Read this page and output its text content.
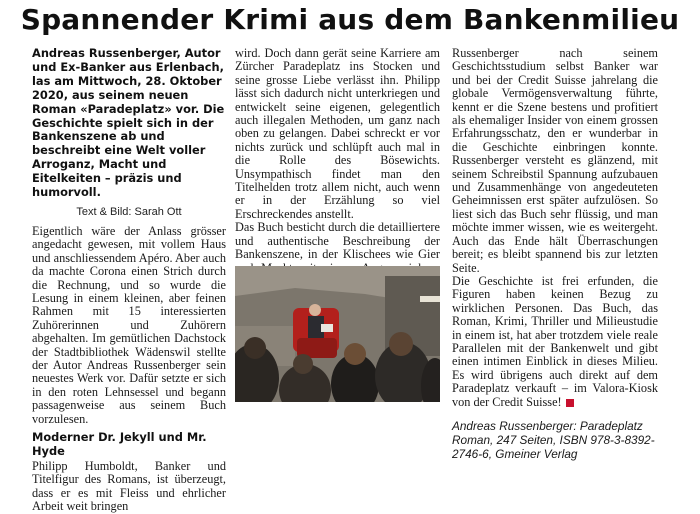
Spannender Krimi aus dem Bankenmilieu

Andreas Russenberger, Autor und Ex-Banker aus Erlenbach, las am Mittwoch, 28. Oktober 2020, aus seinem neuen Roman «Paradeplatz» vor. Die Geschichte spielt sich in der Bankenszene ab und beschreibt eine Welt voller Arroganz, Macht und Eitelkeiten – präzis und humorvoll.

Text & Bild: Sarah Ott

Eigentlich wäre der Anlass grösser angedacht gewesen, mit vollem Haus und anschliessendem Apéro. Aber auch da machte Corona einen Strich durch die Rechnung, und so wurde die Lesung in einem kleinen, aber feinen Rahmen mit 15 interessierten Zuhörerinnen und Zuhörern abgehalten. Im gemütlichen Dachstock der Stadtbibliothek Wädenswil stellte der Autor Andreas Russenberger sein neuestes Werk vor. Dafür setzte er sich in den roten Lehnsessel und begann passagenweise aus seinem Buch vorzulesen.

Moderner Dr. Jekyll und Mr. Hyde

Philipp Humboldt, Banker und Titelfigur des Romans, ist überzeugt, dass er es mit Fleiss und ehrlicher Arbeit weit bringen

wird. Doch dann gerät seine Karriere am Zürcher Paradeplatz ins Stocken und seine grosse Liebe verlässt ihn. Philipp lässt sich dadurch nicht unterkriegen und entwickelt seine eigenen, gelegentlich auch illegalen Methoden, um ganz nach oben zu gelangen. Dabei schreckt er vor nichts zurück und schlüpft auch mal in die Rolle des Bösewichts. Unsympathisch findet man den Titelhelden trotz allem nicht, auch wenn er in der Erzählung so viel Erschreckendes anstellt.

Das Buch besticht durch die detailliertere und authentische Beschreibung der Bankenszene, in der Klischees wie Gier

Russenberger nach seinem Geschichtsstudium selbst Banker war und bei der Credit Suisse jahrelang die globale Vermögensverwaltung führte, kennt er die Szene bestens und profitiert als ehemaliger Insider von einem grossen Erfahrungsschatz, den er wunderbar in die Geschichte einbringen konnte. Russenberger versteht es glänzend, mit seinem Schreibstil Spannung aufzubauen und Zusammenhänge von angedeuteten Geheimnissen erst später aufzulösen. So liest sich das Buch sehr flüssig, und man möchte immer wissen, wie es weitergeht. Auch das Ende hält Überraschungen bereit; es bleibt spannend bis zur letzten Seite.

Die Geschichte ist frei erfunden, die Figuren haben keinen Bezug zu wirklichen Personen. Das Buch, das Roman, Krimi, Thriller und Milieustudie in einem ist, hat aber trotzdem viele reale Parallelen mit der Bankenwelt und gibt einen intimen Einblick in dieses Milieu. Es wird übrigens auch direkt auf dem Paradeplatz verkauft – im Valora-Kiosk von der Credit Suisse!

Andreas Russenberger: Paradeplatz Roman, 247 Seiten, ISBN 978-3-8392-2746-6, Gmeiner Verlag
